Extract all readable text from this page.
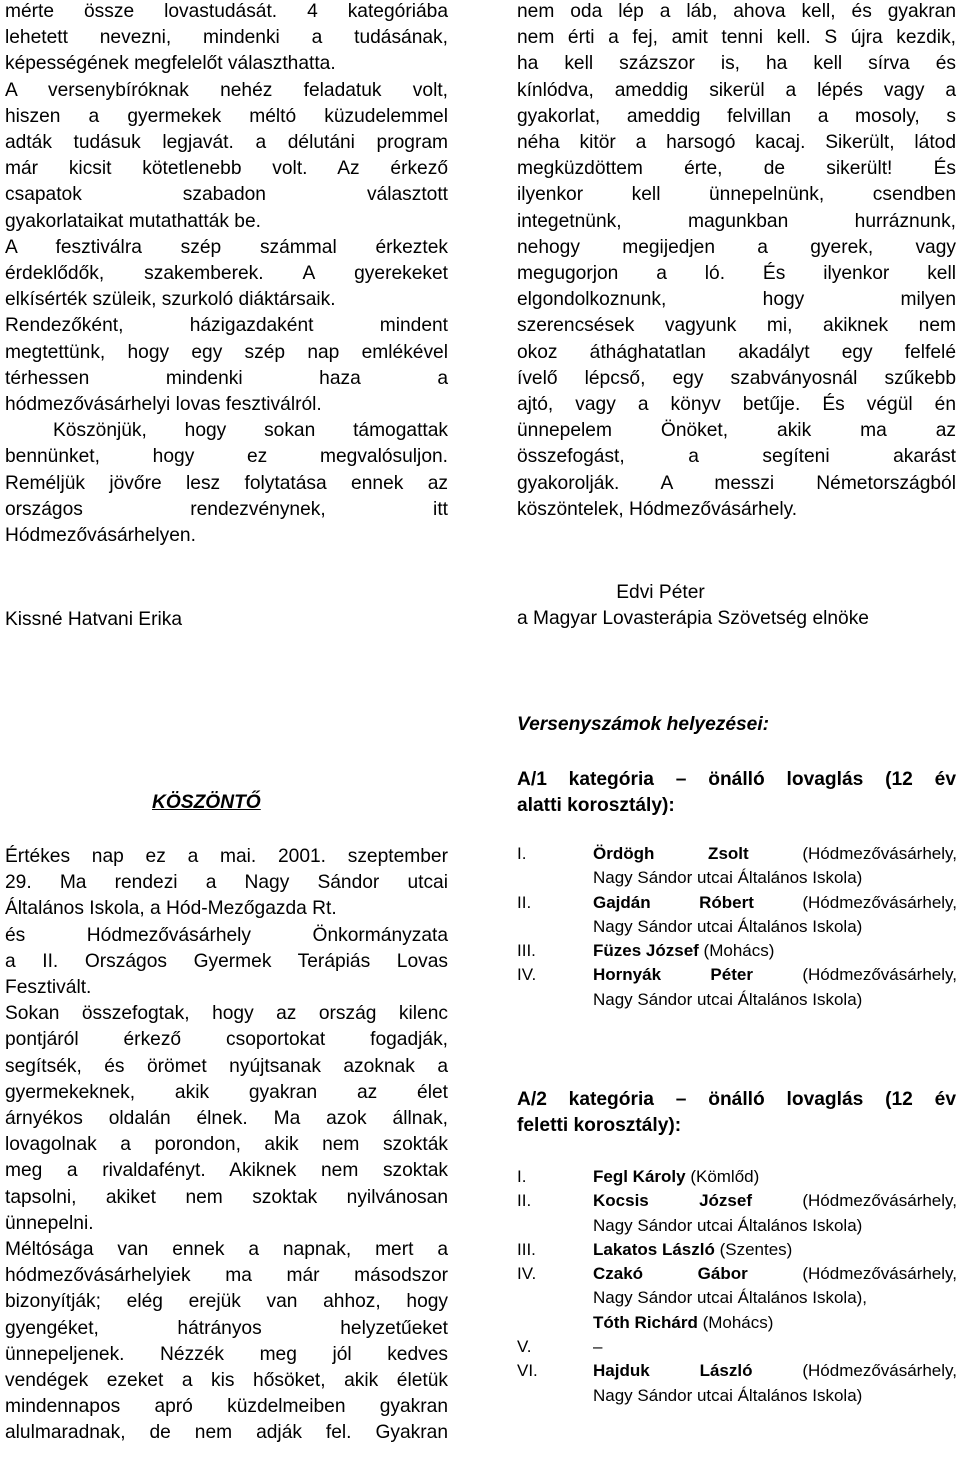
mérte össze lovastudását. 4 kategóriába
lehetett nevezni, mindenki a tudásának,
képességének megfelelőt választhatta.
A versenybíróknak nehéz feladatuk volt,
hiszen a gyermekek méltó küzudelemmel
adták tudásuk legjavát. a délutáni program
már kicsit kötetlenebb volt. Az érkező
csapatok szabadon választott
gyakorlataikat mutathatták be.
A fesztiválra szép számmal érkeztek
érdeklődők, szakemberek. A gyerekeket
elkísérték szüleik, szurkoló diáktársaik.
Rendezőként, házigazdaként mindent
megtettünk, hogy egy szép nap emlékével
térhessen mindenki haza a
hódmezővásárhelyi lovas fesztiválról.
Köszönjük, hogy sokan támogattak
bennünket, hogy ez megvalósuljon.
Reméljük jövőre lesz folytatása ennek az
országos rendezvénynek, itt
Hódmezővásárhelyen.
nem oda lép a láb, ahova kell, és gyakran
nem érti a fej, amit tenni kell. S újra kezdik,
ha kell százszor is, ha kell sírva és
kínlódva, ameddig sikerül a lépés vagy a
gyakorlat, ameddig felvillan a mosoly, s
néha kitör a harsogó kacaj. Sikerült, látod
megküzdöttem érte, de sikerült! És
ilyenkor kell ünnepelnünk, csendben
integetnünk, magunkban hurráznunk,
nehogy megijedjen a gyerek, vagy
megugorjon a ló. És ilyenkor kell
elgondolkoznunk, hogy milyen
szerencsések vagyunk mi, akiknek nem
okoz áthághatatlan akadályt egy felfelé
ívelő lépcső, egy szabványosnál szűkebb
ajtó, vagy a könyv betűje. És végül én
ünnepelem Önöket, akik ma az
összefogást, a segíteni akarást
gyakorolják. A messzi Németországból
köszöntelek, Hódmezővásárhely.
Kissné Hatvani Erika
Edvi Péter
a Magyar Lovasterápia Szövetség elnöke
Versenyszámok helyezései:
KÖSZÖNTŐ
Értékes nap ez a mai. 2001. szeptember
29. Ma rendezi a Nagy Sándor utcai
Általános Iskola, a Hód-Mezőgazda Rt.
és Hódmezővásárhely Önkormányzata
a II. Országos Gyermek Terápiás Lovas
Fesztivált.
Sokan összefogtak, hogy az ország kilenc
pontjáról érkező csoportokat fogadják,
segítsék, és örömet nyújtsanak azoknak a
gyermekeknek, akik gyakran az élet
árnyékos oldalán élnek. Ma azok állnak,
lovagolnak a porondon, akik nem szokták
meg a rivaldafényt. Akiknek nem szoktak
tapsolni, akiket nem szoktak nyilvánosan
ünnepelni.
Méltósága van ennek a napnak, mert a
hódmezővásárhelyiek ma már másodszor
bizonyítják; elég erejük van ahhoz, hogy
gyengéket, hátrányos helyzetűeket
ünnepeljenek. Nézzék meg jól kedves
vendégek ezeket a kis hősöket, akik életük
mindennapos apró küzdelmeiben gyakran
alulmaradnak, de nem adják fel. Gyakran
A/1 kategória – önálló lovaglás (12 év
alatti korosztály):
I.	Ördögh Zsolt (Hódmezővásárhely,
Nagy Sándor utcai Általános Iskola)
II.	Gajdán Róbert (Hódmezővásárhely,
Nagy Sándor utcai Általános Iskola)
III.	Füzes József (Mohács)
IV.	Hornyák Péter (Hódmezővásárhely,
Nagy Sándor utcai Általános Iskola)
A/2 kategória – önálló lovaglás (12 év
feletti korosztály):
I.	Fegl Károly (Kömlőd)
II.	Kocsis József (Hódmezővásárhely,
Nagy Sándor utcai Általános Iskola)
III.	Lakatos László (Szentes)
IV.	Czakó Gábor (Hódmezővásárhely,
Nagy Sándor utcai Általános Iskola),
Tóth Richárd (Mohács)
V.	–
VI.	Hajduk László (Hódmezővásárhely,
Nagy Sándor utcai Általános Iskola)
